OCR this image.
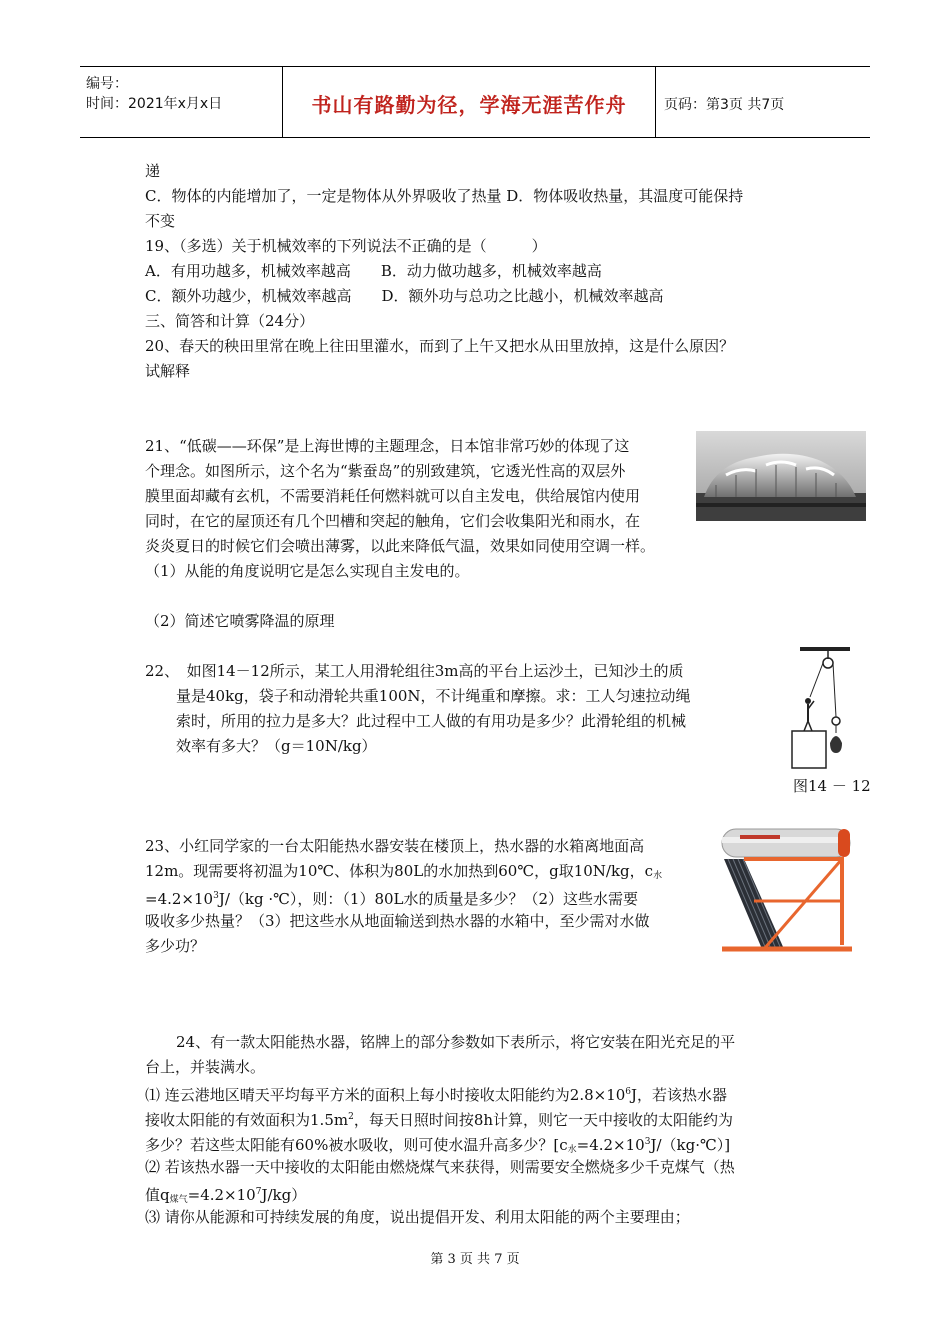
编号：
时间：2021年x月x日	书山有路勤为径，学海无涯苦作舟	页码：第3页 共7页
递
C．物体的内能增加了，一定是物体从外界吸收了热量 D．物体吸收热量，其温度可能保持
不变
19、（多选）关于机械效率的下列说法不正确的是（　　　）
A．有用功越多，机械效率越高　　B．动力做功越多，机械效率越高
C．额外功越少，机械效率越高　　D．额外功与总功之比越小，机械效率越高
三、简答和计算（24分）
20、春天的秧田里常在晚上往田里灌水，而到了上午又把水从田里放掉，这是什么原因？
试解释
21、“低碳——环保”是上海世博的主题理念，日本馆非常巧妙的体现了这
个理念。如图所示，这个名为“紫蚕岛”的别致建筑，它透光性高的双层外
膜里面却藏有玄机，不需要消耗任何燃料就可以自主发电，供给展馆内使用
同时，在它的屋顶还有几个凹槽和突起的触角，它们会收集阳光和雨水，在
炎炎夏日的时候它们会喷出薄雾，以此来降低气温，效果如同使用空调一样。
（1）从能的角度说明它是怎么实现自主发电的。
（2）简述它喷雾降温的原理
22、　如图14－12所示，某工人用滑轮组往3m高的平台上运沙土，已知沙土的质
量是40kg，袋子和动滑轮共重100N，不计绳重和摩擦。求：工人匀速拉动绳
索时，所用的拉力是多大？此过程中工人做的有用功是多少？此滑轮组的机械
效率有多大？（g＝10N/kg）
图14 － 12
23、小红同学家的一台太阳能热水器安装在楼顶上，热水器的水箱离地面高
12m。现需要将初温为10℃、体积为80L的水加热到60℃，g取10N/kg，$c_水$
$=4.2\times 10^3J/(kg$ ·℃），则：（1）80L水的质量是多少？（2）这些水需要
吸收多少热量？（3）把这些水从地面输送到热水器的水箱中，至少需对水做
多少功？
24、有一款太阳能热水器，铭牌上的部分参数如下表所示，将它安装在阳光充足的平
台上，并装满水。
⑴ 连云港地区晴天平均每平方米的面积上每小时接收太阳能约为$2.8\times 10^6J$，若该热水器
接收太阳能的有效面积为$1.5m^2$，每天日照时间按8h计算，则它一天中接收的太阳能约为
多少？若这些太阳能有60%被水吸收，则可使水温升高多少？$[c_水=4.2\times 10^3J/(kg\cdot℃)]$
⑵ 若该热水器一天中接收的太阳能由燃烧煤气来获得，则需要安全燃烧多少千克煤气（热
值$q_{煤气}=4.2\times 10^7J/kg$）
⑶ 请你从能源和可持续发展的角度，说出提倡开发、利用太阳能的两个主要理由；
第 3 页 共 7 页
